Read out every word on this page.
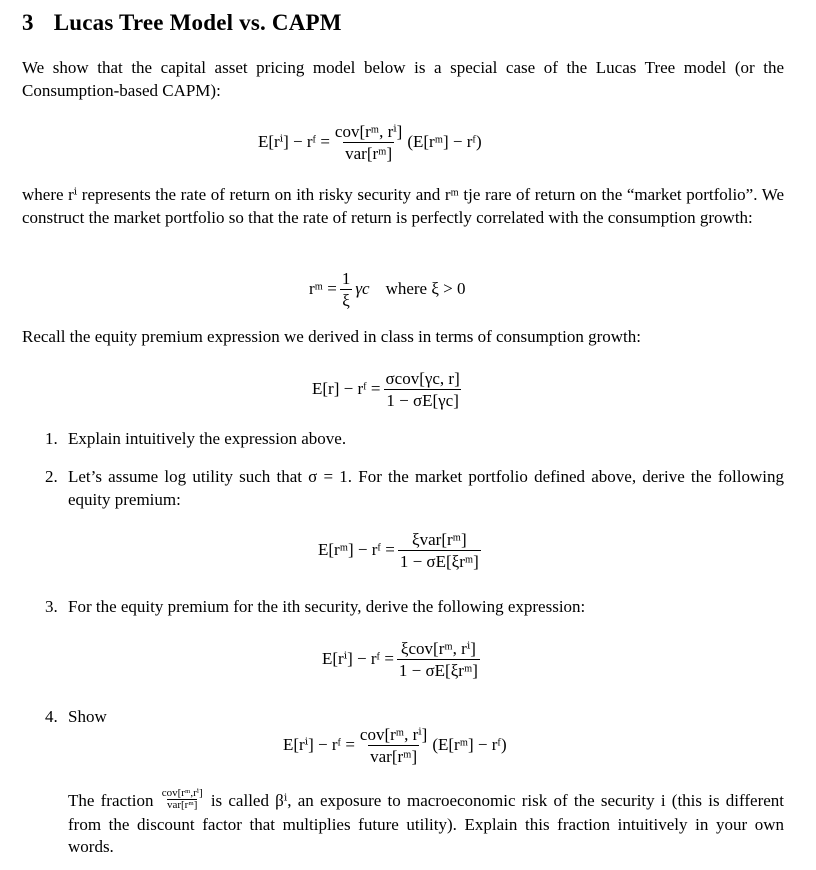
3 Lucas Tree Model vs. CAPM
We show that the capital asset pricing model below is a special case of the Lucas Tree model (or the Consumption-based CAPM):
E[rⁱ] − rᶠ = $\frac{\text{cov[rᵐ, rⁱ]}}{\text{var[rᵐ]}}$ (E[rᵐ] − rᶠ)
where rⁱ represents the rate of return on ith risky security and rᵐ tje rare of return on the “market portfolio”. We construct the market portfolio so that the rate of return is perfectly correlated with the consumption growth:
rᵐ = $\frac{1}{\xi}$ γc where ξ > 0
Recall the equity premium expression we derived in class in terms of consumption growth:
E[r] − rᶠ = $\frac{\text{σcov[γc, r]}}{1 - \sigma E[\gamma c]}$
1. Explain intuitively the expression above.
2. Let’s assume log utility such that σ = 1. For the market portfolio defined above, derive the following equity premium:
E[rᵐ] − rᶠ = $\frac{\text{ξvar[rᵐ]}}{\text{1 − σE[ξrᵐ]}}$
3. For the equity premium for the ith security, derive the following expression:
E[rⁱ] − rᶠ = $\frac{\text{ξcov[rᵐ, rⁱ]}}{\text{1 − σE[ξrᵐ]}}$
4. Show
E[rⁱ] − rᶠ = $\frac{\text{cov[rᵐ, rⁱ]}}{\text{var[rᵐ]}}$ (E[rᵐ] − rᶠ)
The fraction $\frac{\text{cov[rᵐ,rⁱ]}}{\text{var[rᵐ]}}$ is called βⁱ, an exposure to macroeconomic risk of the security i (this is different from the discount factor that multiplies future utility). Explain this fraction intuitively in your own words.
